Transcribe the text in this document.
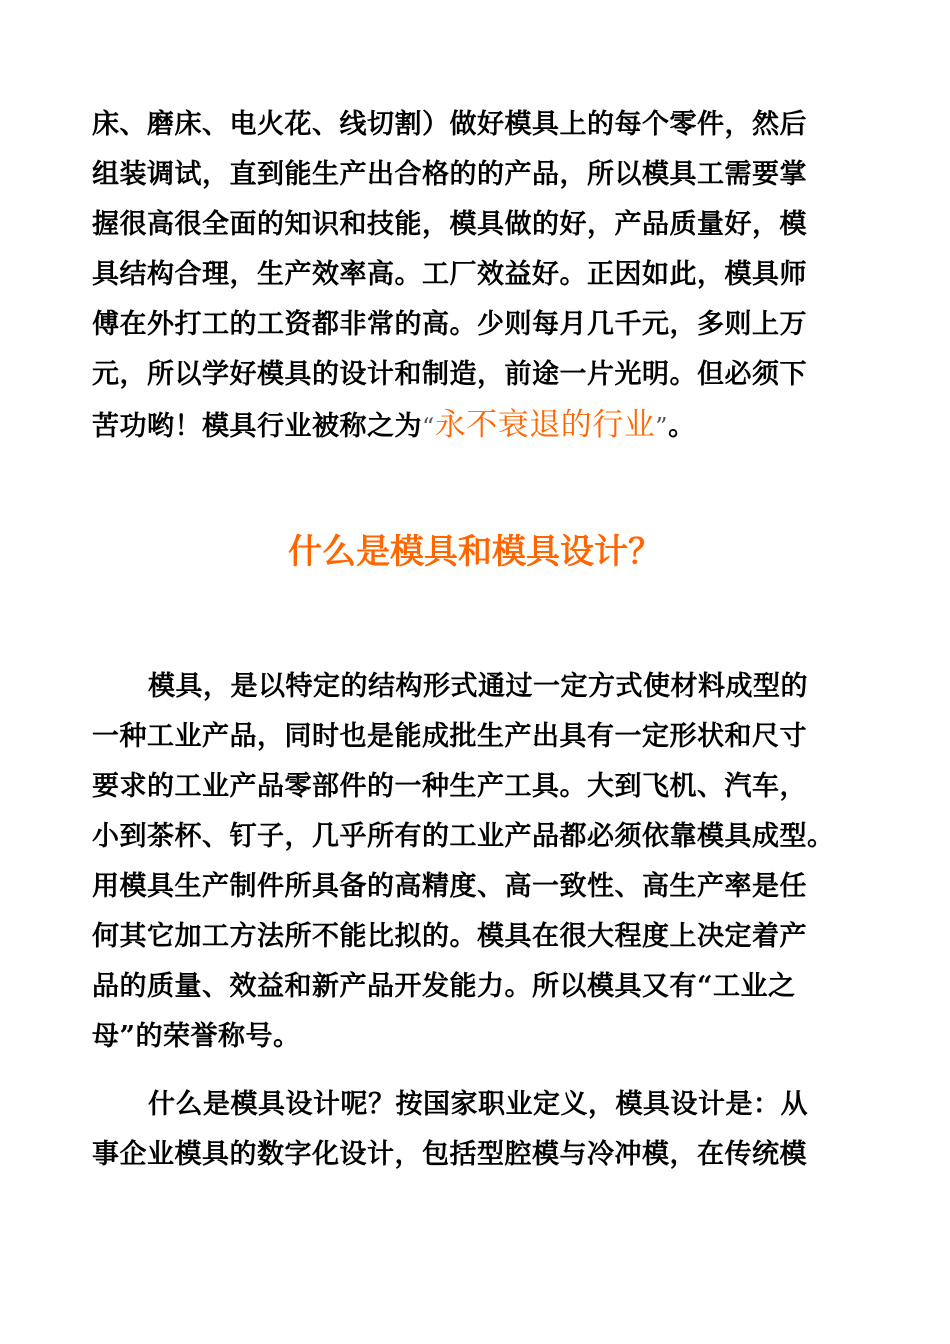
床、磨床、电火花、线切割）做好模具上的每个零件，然后
组装调试，直到能生产出合格的的产品，所以模具工需要掌
握很高很全面的知识和技能，模具做的好，产品质量好，模
具结构合理，生产效率高。工厂效益好。正因如此，模具师
傅在外打工的工资都非常的高。少则每月几千元，多则上万
元，所以学好模具的设计和制造，前途一片光明。但必须下
苦功哟！模具行业被称之为“永不衰退的行业”。
什么是模具和模具设计？
模具，是以特定的结构形式通过一定方式使材料成型的
一种工业产品，同时也是能成批生产出具有一定形状和尺寸
要求的工业产品零部件的一种生产工具。大到飞机、汽车，
小到茶杯、钉子，几乎所有的工业产品都必须依靠模具成型。
用模具生产制件所具备的高精度、高一致性、高生产率是任
何其它加工方法所不能比拟的。模具在很大程度上决定着产
品的质量、效益和新产品开发能力。所以模具又有“工业之
母”的荣誉称号。
什么是模具设计呢？按国家职业定义，模具设计是：从
事企业模具的数字化设计，包括型腔模与冷冲模，在传统模
